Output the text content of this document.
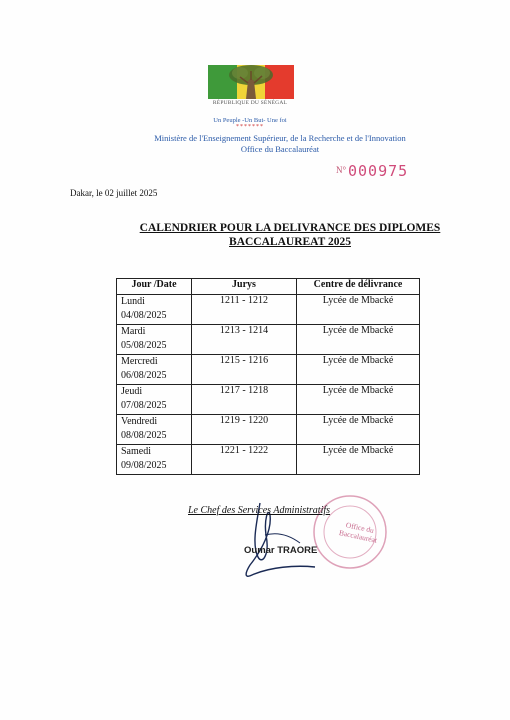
RÉPUBLIQUE DU SÉNÉGAL
Un Peuple -Un But- Une foi
*******
Ministère de l'Enseignement Supérieur, de la Recherche et de l'Innovation
Office du Baccalauréat
N° 000975
Dakar, le 02 juillet 2025
CALENDRIER POUR LA DELIVRANCE DES DIPLOMES
BACCALAUREAT 2025
Jour /Date	Jurys	Centre de délivrance

Lundi
04/08/2025	1211 - 1212	Lycée de Mbacké

Mardi
05/08/2025	1213 - 1214	Lycée de Mbacké

Mercredi
06/08/2025	1215 - 1216	Lycée de Mbacké

Jeudi
07/08/2025	1217 - 1218	Lycée de Mbacké

Vendredi
08/08/2025	1219 - 1220	Lycée de Mbacké

Samedi
09/08/2025	1221 - 1222	Lycée de Mbacké
Office du Baccalauréat
Le Chef des Services Administratifs
Oumar TRAORE
